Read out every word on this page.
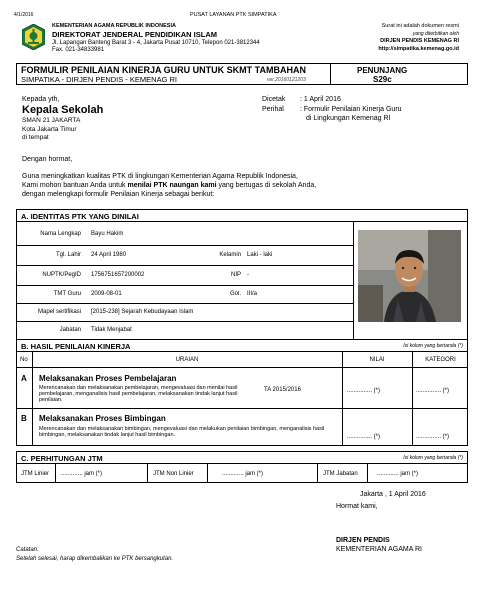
4/1/2016	PUSAT LAYANAN PTK SIMPATIKA
KEMENTERIAN AGAMA REPUBLIK INDONESIA
DIREKTORAT JENDERAL PENDIDIKAN ISLAM
Jl. Lapangan Banteng Barat 3 - 4, Jakarta Pusat 10710, Telepon 021-3812344
Fax. 021-34833981
Surat ini adalah dokumen resmi
yang diterbitkan oleh
DIRJEN PENDIS KEMENAG RI
http://simpatika.kemenag.go.id
FORMULIR PENILAIAN KINERJA GURU UNTUK SKMT TAMBAHAN
SIMPATIKA - DIRJEN PENDIS - KEMENAG RI	ver.20160121203
PENUNJANG
S29c
Kepada yth,
Kepala Sekolah
SMAN 21 JAKARTA
Kota Jakarta Timur
di tempat
Dicetak : 1 April 2016
Perihal : Formulir Penilaian Kinerja Guru
di Lingkungan Kemenag RI
Dengan hormat,
Guna meningkatkan kualitas PTK di lingkungan Kementerian Agama Republik Indonesia,
Kami mohon bantuan Anda untuk menilai PTK naungan kami yang bertugas di sekolah Anda,
dengan melengkapi formulir Penilaian Kinerja sebagai berikut:
A. IDENTITAS PTK YANG DINILAI
Nama Lengkap Bayu Hakim
Tgl. Lahir 24 April 1980	Kelamin Laki - laki
NUPTK/PegID 1756751657200002	NIP -
TMT Guru 2009-08-01	Gol. III/a
Mapel sertifikasi [2015-238] Sejarah Kebudayaan Islam
Jabatan Tidak Menjabat
B. HASIL PENILAIAN KINERJA	Isi kolom yang bertanda (*)
No	URAIAN	NILAI	KATEGORI
A Melaksanakan Proses Pembelajaran
Merencanakan dan melaksanakan pembelajaran, mengevaluasi dan menilai hasil pembelajaran, menganalisis hasil pembelajaran, melaksanakan tindak lanjut hasil penilaian.
TA 2015/2016	............... (*)	............... (*)
B Melaksanakan Proses Bimbingan
Merencanakan dan melaksanakan bimbingan, mengevaluasi dan melakukan penilaian bimbingan, menganalisis hasil bimbingan, melaksanakan tindak lanjut hasil bimbingan.	............... (*)	............... (*)
C. PERHITUNGAN JTM	Isi kolom yang bertanda (*)
JTM Linier ............. jam (*)	JTM Non Linier	............. jam (*)	JTM Jabatan	............. jam (*)
Jakarta , 1 April 2016
Hormat kami,
DIRJEN PENDIS
KEMENTERIAN AGAMA RI
Catatan:
Setelah selesai, harap dikembalikan ke PTK bersangkutan.
